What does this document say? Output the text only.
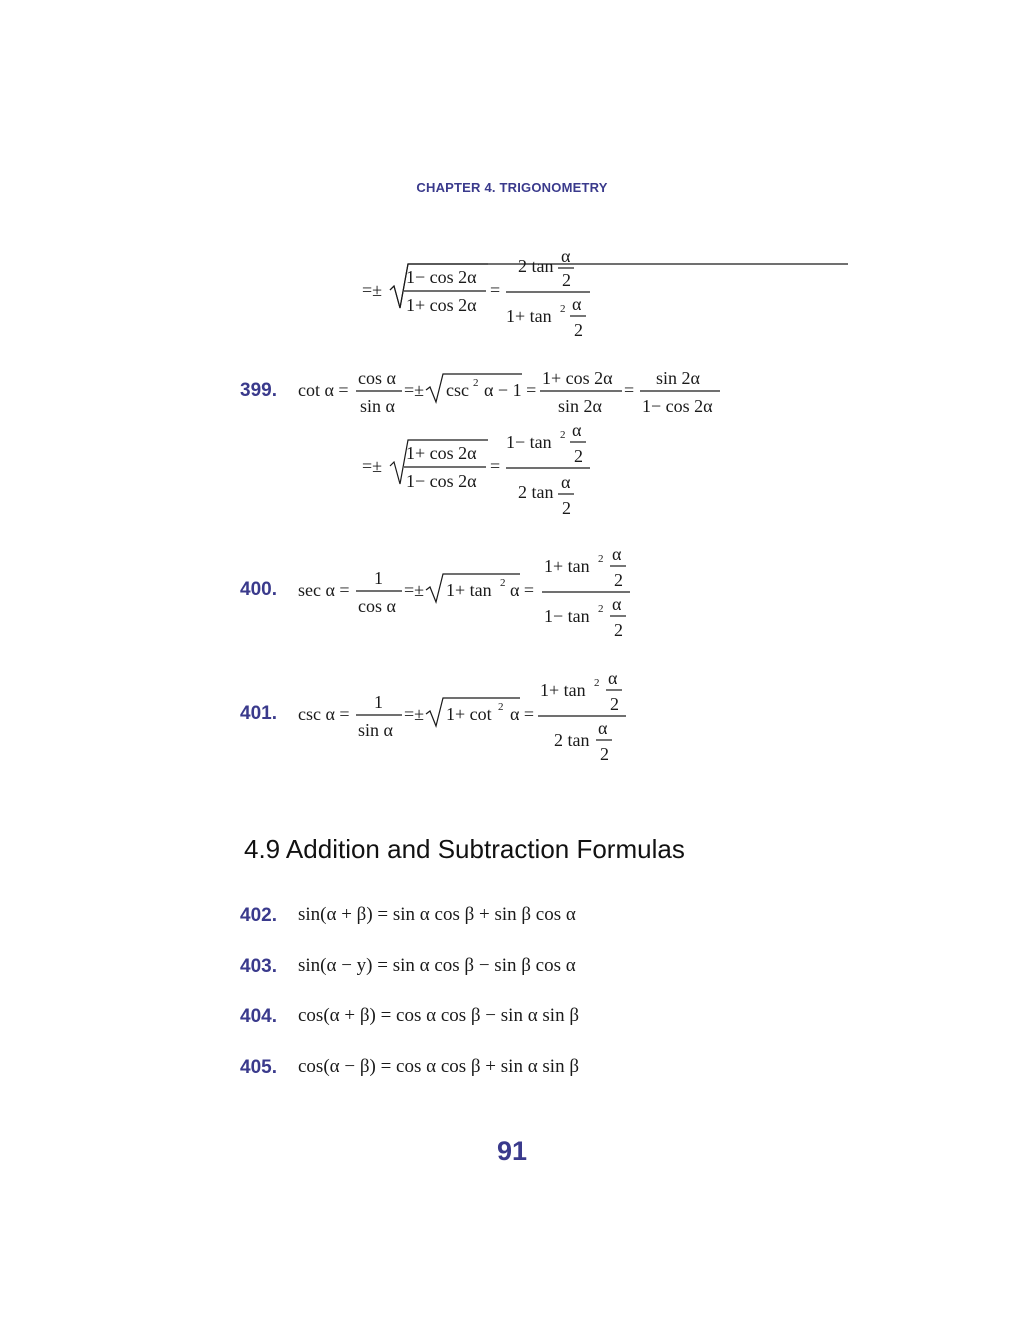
CHAPTER 4. TRIGONOMETRY
=±
1− cos 2α
1+ cos 2α
=
2 tan α
2
1+ tan 2 α
2
399. cot α =
cos α
sin α
=± csc 2 α − 1 =
1+ cos 2α
sin 2α
=
sin 2α
1− cos 2α
=±
1+ cos 2α
1− cos 2α
=
1− tan 2 α
2
2 tan α
2
400. sec α =
1
cos α
=± 1+ tan 2 α =
1+ tan 2 α
2
1− tan 2 α
2
401. csc α =
1
sin α
=± 1+ cot 2 α =
1+ tan 2 α
2
2 tan
α
2
4.9 Addition and Subtraction Formulas
402. sin(α + β) = sin α cos β + sin β cos α
403. sin(α − y) = sin α cos β − sin β cos α
404. cos(α + β) = cos α cos β − sin α sin β
405. cos(α − β) = cos α cos β + sin α sin β
91
